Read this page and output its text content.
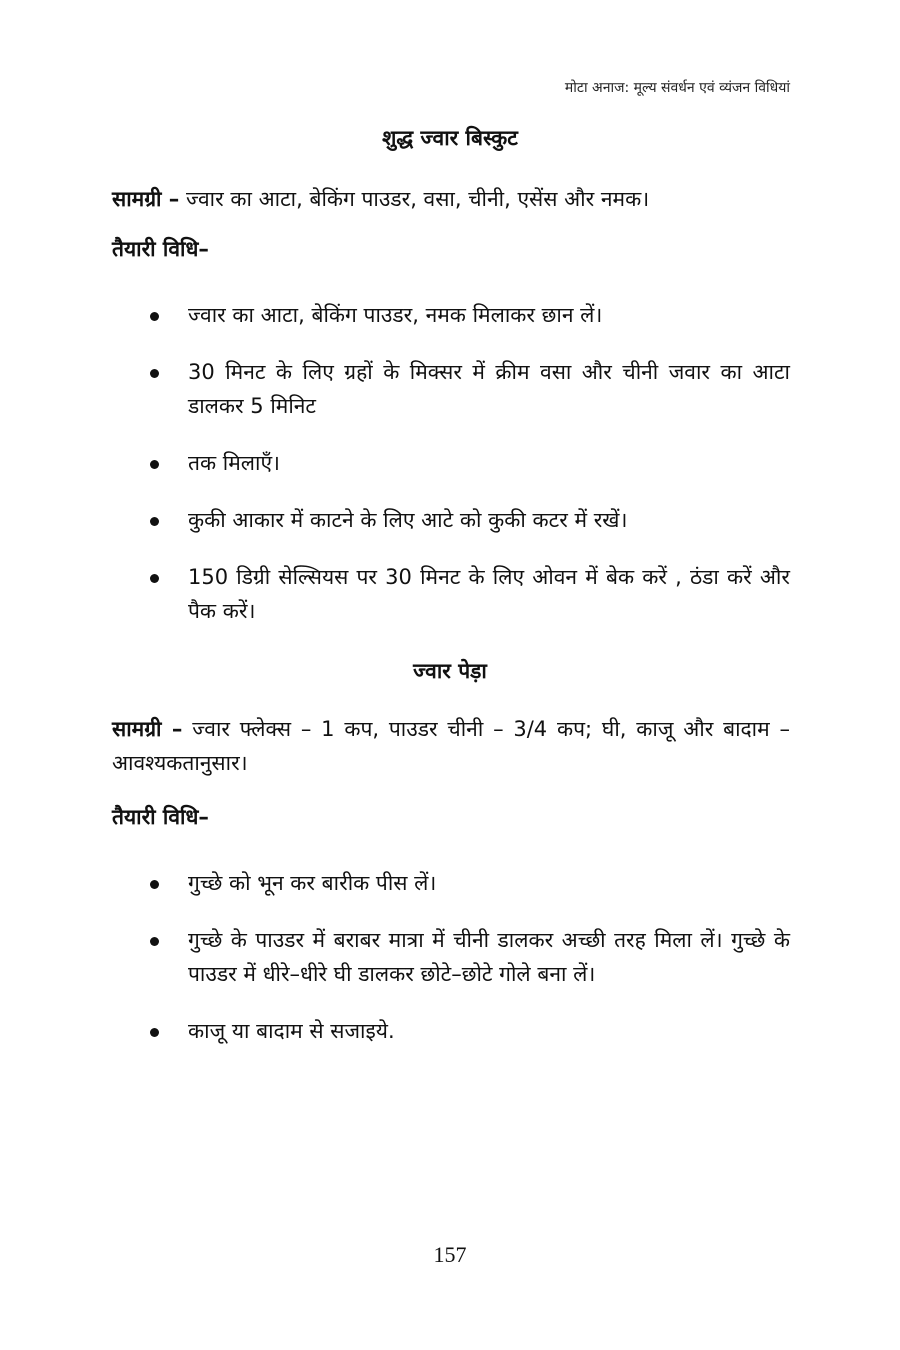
मोटा अनाज: मूल्य संवर्धन एवं व्यंजन विधियां
शुद्ध ज्वार बिस्कुट
सामग्री – ज्वार का आटा, बेकिंग पाउडर, वसा, चीनी, एसेंस और नमक।
तैयारी विधि–
ज्वार का आटा, बेकिंग पाउडर, नमक मिलाकर छान लें।
30 मिनट के लिए ग्रहों के मिक्सर में क्रीम वसा और चीनी जवार का आटा डालकर 5 मिनिट
तक मिलाएँ।
कुकी आकार में काटने के लिए आटे को कुकी कटर में रखें।
150 डिग्री सेल्सियस पर 30 मिनट के लिए ओवन में बेक करें , ठंडा करें और पैक करें।
ज्वार पेड़ा
सामग्री – ज्वार फ्लेक्स – 1 कप, पाउडर चीनी – 3/4 कप; घी, काजू और बादाम – आवश्यकतानुसार।
तैयारी विधि–
गुच्छे को भून कर बारीक पीस लें।
गुच्छे के पाउडर में बराबर मात्रा में चीनी डालकर अच्छी तरह मिला लें। गुच्छे के पाउडर में धीरे–धीरे घी डालकर छोटे–छोटे गोले बना लें।
काजू या बादाम से सजाइये.
157
